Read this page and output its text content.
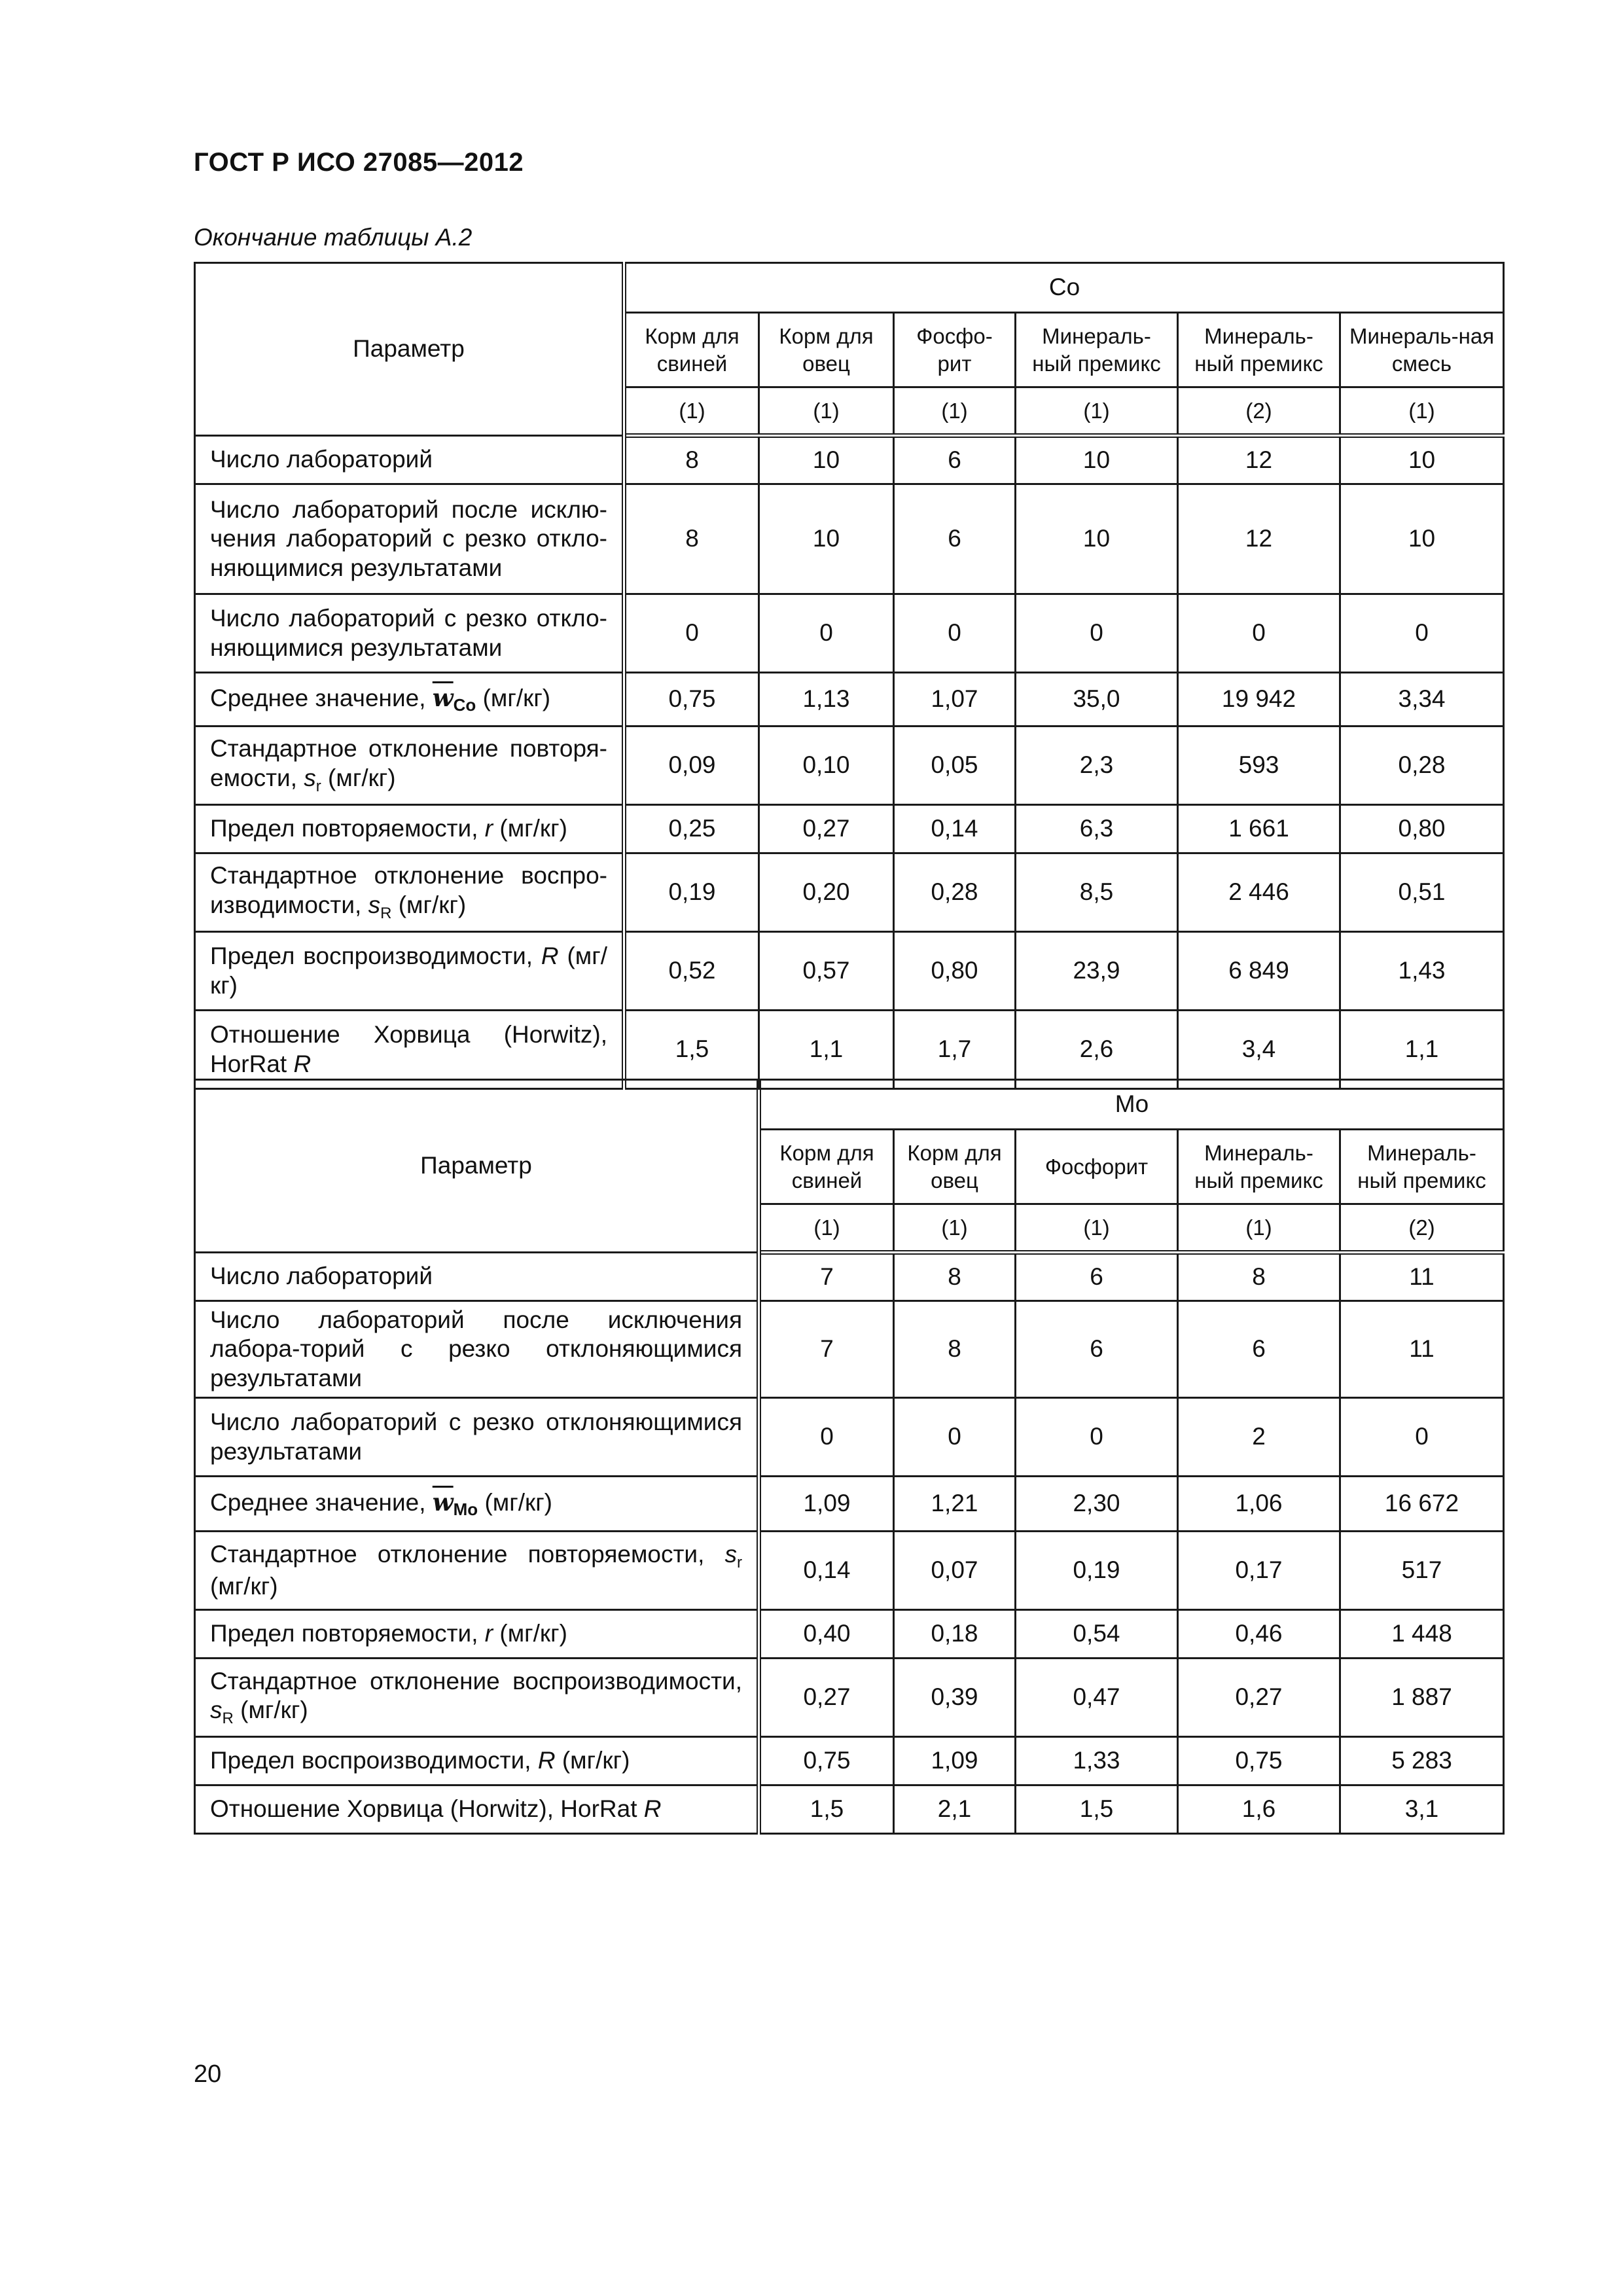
ГОСТ Р ИСО 27085—2012
Окончание таблицы А.2
Параметр	Co					
	Корм для свиней	Корм для овец	Фосфо-рит	Минераль-ный премикс	Минераль-ный премикс	Минераль-ная смесь
	(1)	(1)	(1)	(1)	(2)	(1)
Число лабораторий	8	10	6	10	12	10
Число лабораторий после исклю-чения лабораторий с резко откло-няющимися результатами	8	10	6	10	12	10
Число лабораторий с резко откло-няющимися результатами	0	0	0	0	0	0
Среднее значение, $\overline{w}Co$ (мг/кг)	0,75	1,13	1,07	35,0	19 942	3,34
Стандартное отклонение повторя-емости, $s_r$ (мг/кг)	0,09	0,10	0,05	2,3	593	0,28
Предел повторяемости, r (мг/кг)	0,25	0,27	0,14	6,3	1 661	0,80
Стандартное отклонение воспро-изводимости, $s_R$ (мг/кг)	0,19	0,20	0,28	8,5	2 446	0,51
Предел воспроизводимости, R (мг/кг)	0,52	0,57	0,80	23,9	6 849	1,43
Отношение Хорвица (Horwitz), HorRat R	1,5	1,1	1,7	2,6	3,4	1,1
Параметр	Mo				
	Корм для свиней	Корм для овец	Фосфорит	Минераль-ный премикс	Минераль-ный премикс
	(1)	(1)	(1)	(1)	(2)
Число лабораторий	7	8	6	8	11
Число лабораторий после исключения лабора-торий с резко отклоняющимися результатами	7	8	6	6	11
Число лабораторий с резко отклоняющимися результатами	0	0	0	2	0
Среднее значение, $\overline{w}Mo$ (мг/кг)	1,09	1,21	2,30	1,06	16 672
Стандартное отклонение повторяемости, $s_r$ (мг/кг)	0,14	0,07	0,19	0,17	517
Предел повторяемости, r (мг/кг)	0,40	0,18	0,54	0,46	1 448
Стандартное отклонение воспроизводимости, $s_R$ (мг/кг)	0,27	0,39	0,47	0,27	1 887
Предел воспроизводимости, R (мг/кг)	0,75	1,09	1,33	0,75	5 283
Отношение Хорвица (Horwitz), HorRat R	1,5	2,1	1,5	1,6	3,1
20
